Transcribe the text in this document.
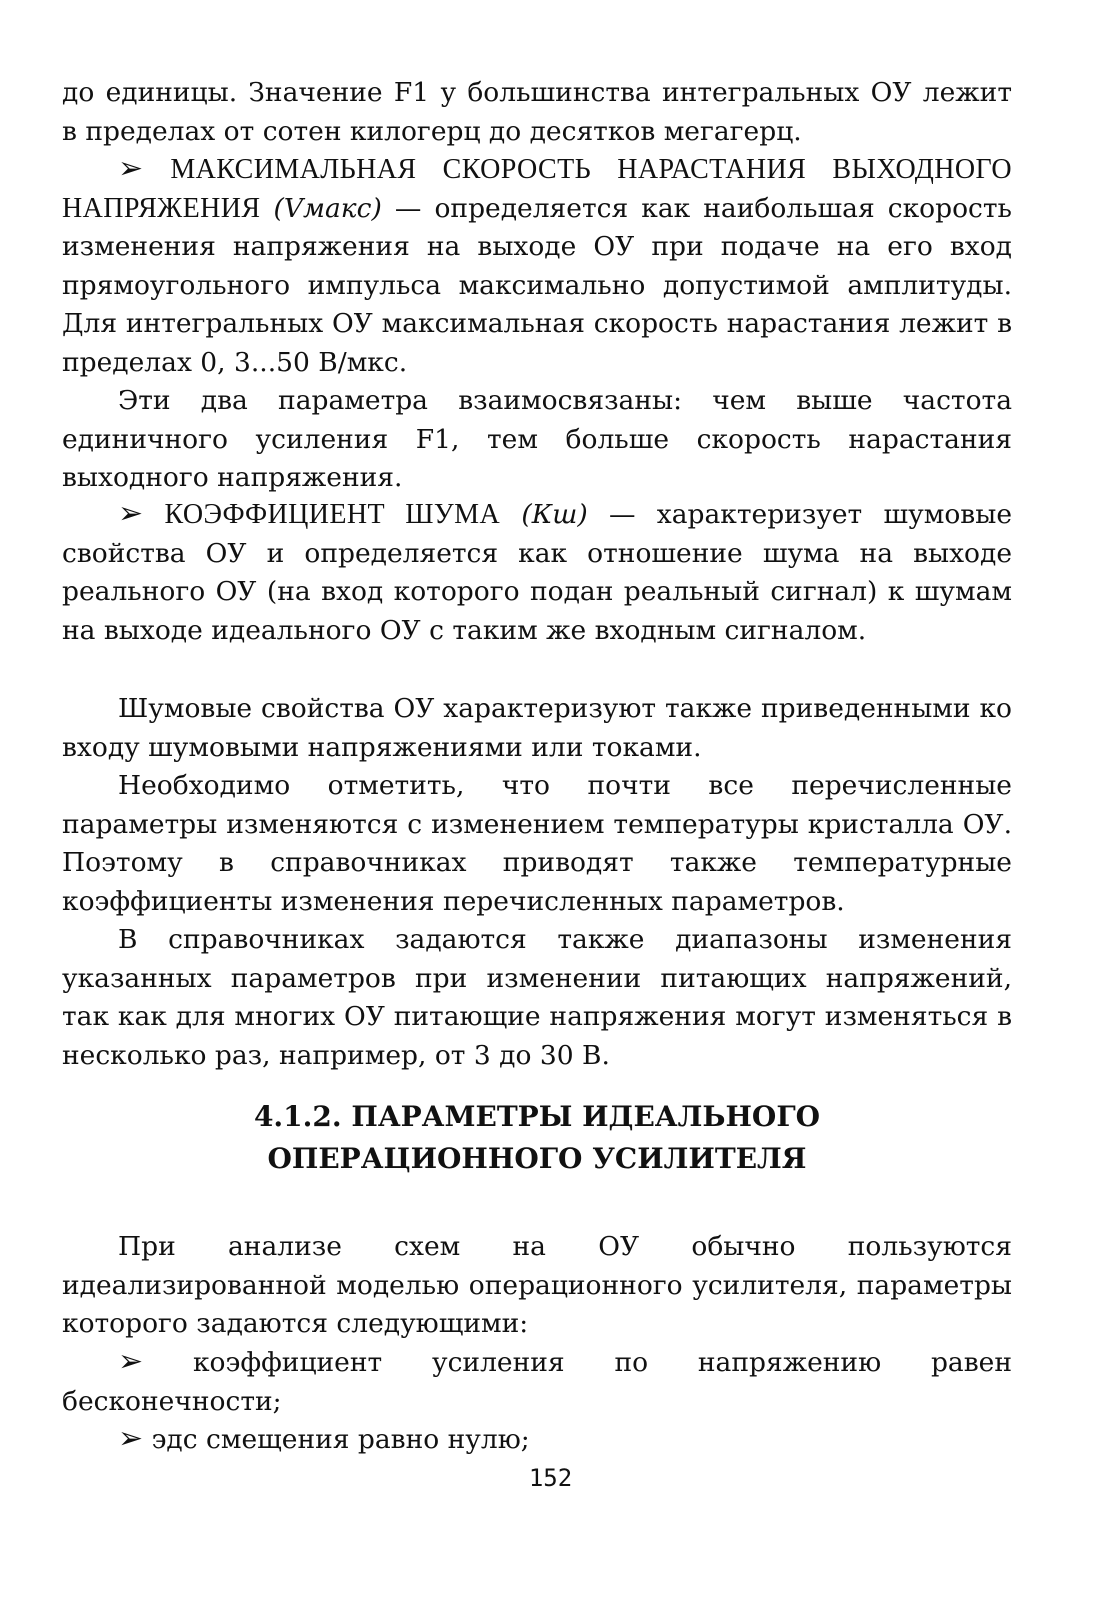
до единицы. Значение F1 у большинства интегральных ОУ лежит в пределах от сотен килогерц до десятков мегагерц.

➢ МАКСИМАЛЬНАЯ СКОРОСТЬ НАРАСТАНИЯ ВЫХОДНОГО НАПРЯЖЕНИЯ (Vмакс) — определяется как наибольшая скорость изменения напряжения на выходе ОУ при подаче на его вход прямоугольного импульса максимально допустимой амплитуды. Для интегральных ОУ максимальная скорость нарастания лежит в пределах 0, 3...50 В/мкс.

Эти два параметра взаимосвязаны: чем выше частота единичного усиления F1, тем больше скорость нарастания выходного напряжения.

➢ КОЭФФИЦИЕНТ ШУМА (Кш) — характеризует шумовые свойства ОУ и определяется как отношение шума на выходе реального ОУ (на вход которого подан реальный сигнал) к шумам на выходе идеального ОУ с таким же входным сигналом.

Шумовые свойства ОУ характеризуют также приведенными ко входу шумовыми напряжениями или токами.

Необходимо отметить, что почти все перечисленные параметры изменяются с изменением температуры кристалла ОУ. Поэтому в справочниках приводят также температурные коэффициенты изменения перечисленных параметров.

В справочниках задаются также диапазоны изменения указанных параметров при изменении питающих напряжений, так как для многих ОУ питающие напряжения могут изменяться в несколько раз, например, от 3 до 30 В.

4.1.2. ПАРАМЕТРЫ ИДЕАЛЬНОГО
ОПЕРАЦИОННОГО УСИЛИТЕЛЯ

При анализе схем на ОУ обычно пользуются идеализированной моделью операционного усилителя, параметры которого задаются следующими:

➢ коэффициент усиления по напряжению равен бесконечности;

➢ эдс смещения равно нулю;

152
